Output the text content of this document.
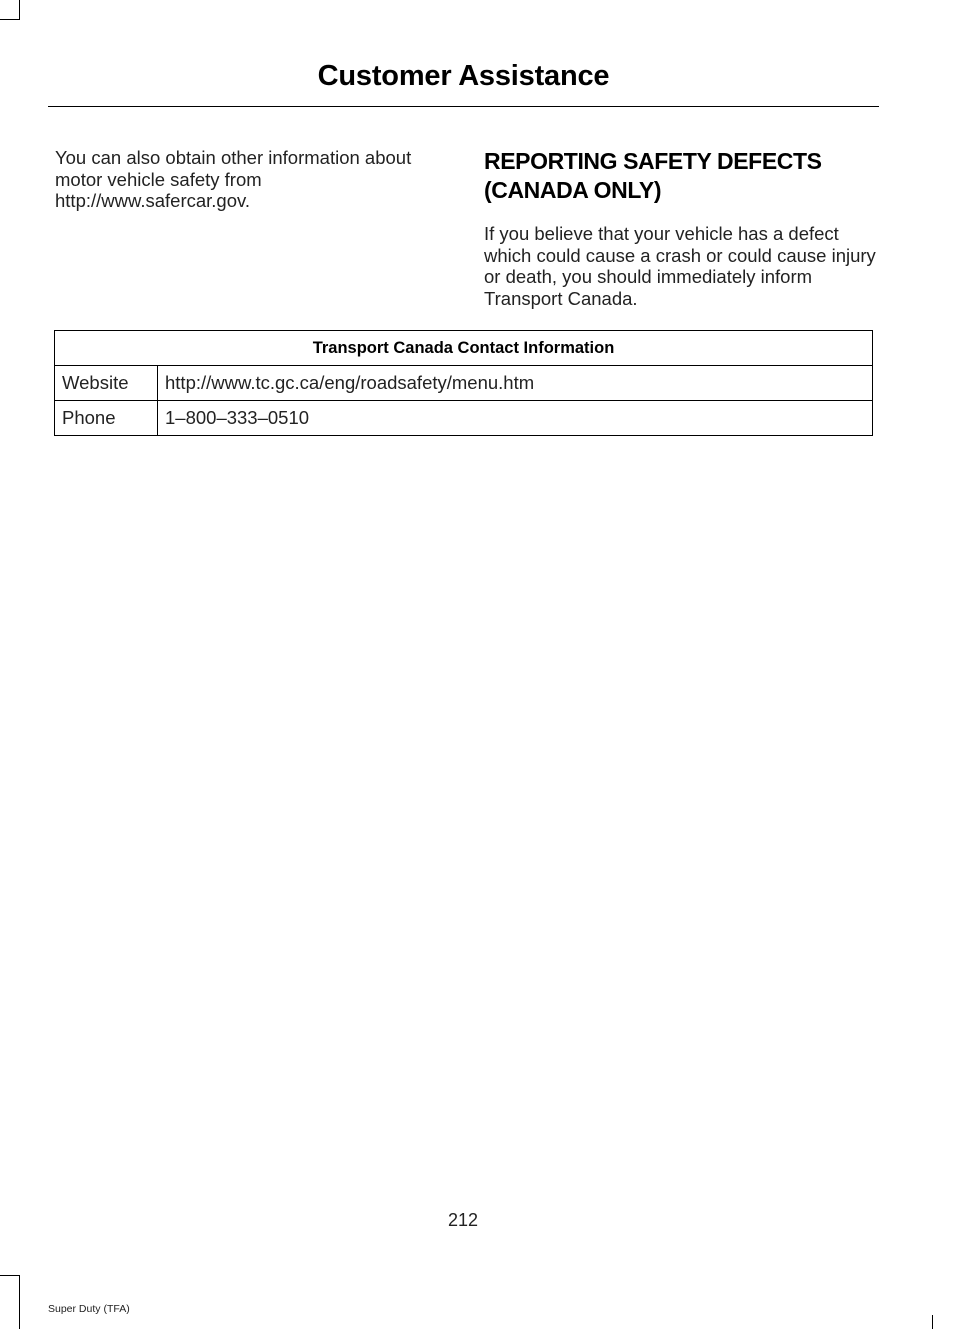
Customer Assistance

You can also obtain other information about motor vehicle safety from http://www.safercar.gov.

REPORTING SAFETY DEFECTS (CANADA ONLY)

If you believe that your vehicle has a defect which could cause a crash or could cause injury or death, you should immediately inform Transport Canada.

Transport Canada Contact Information	
Website	http://www.tc.gc.ca/eng/roadsafety/menu.htm
Phone	1–800–333–0510
212
Super Duty (TFA)
